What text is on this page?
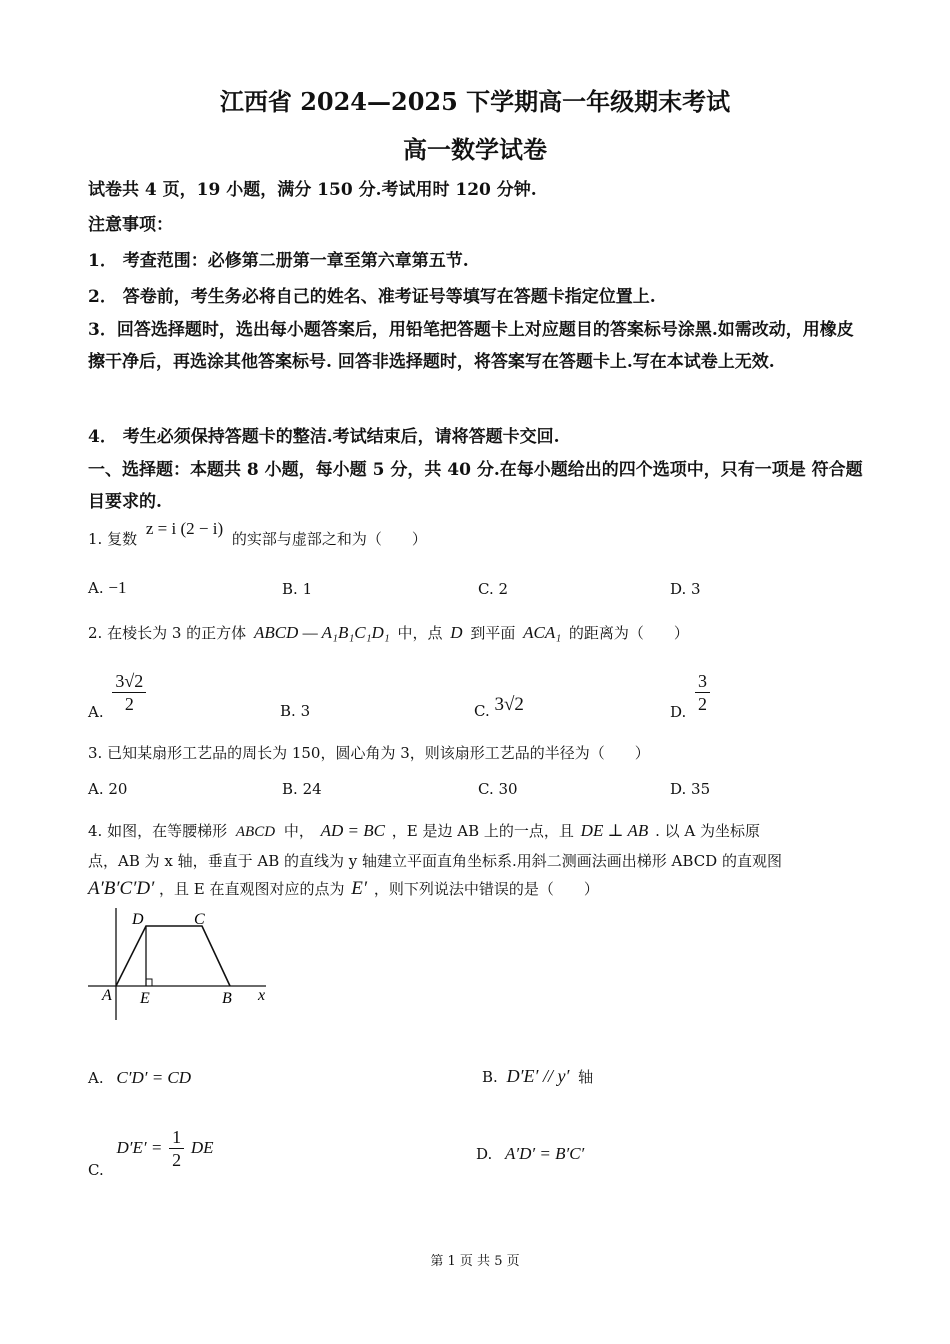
江西省 2024—2025 下学期高一年级期末考试
高一数学试卷
试卷共 4 页，19 小题，满分 150 分.考试用时 120 分钟.
注意事项：
1． 考查范围：必修第二册第一章至第六章第五节.
2． 答卷前，考生务必将自己的姓名、准考证号等填写在答题卡指定位置上.
3．回答选择题时，选出每小题答案后，用铅笔把答题卡上对应题目的答案标号涂黑.如需改动，用橡皮擦干净后，再选涂其他答案标号. 回答非选择题时，将答案写在答题卡上.写在本试卷上无效.
4． 考生必须保持答题卡的整洁.考试结束后，请将答题卡交回.
一、选择题：本题共 8 小题，每小题 5 分，共 40 分.在每小题给出的四个选项中，只有一项是 符合题目要求的.
1. 复数 z = i (2 − i) 的实部与虚部之和为（　　）
A. −1	B. 1	C. 2	D. 3
2. 在棱长为 3 的正方体 ABCD — A₁B₁C₁D₁ 中，点 D 到平面 ACA₁ 的距离为（　　）
A. $\frac{3√2}{2}$	B. 3	C. 3√2	D. $\frac{3}{2}$
3. 已知某扇形工艺品的周长为 150，圆心角为 3，则该扇形工艺品的半径为（　　）
A. 20	B. 24	C. 30	D. 35
4. 如图，在等腰梯形 ABCD 中， AD = BC ，E 是边 AB 上的一点，且 DE ⊥ AB . 以 A 为坐标原
点，AB 为 x 轴，垂直于 AB 的直线为 y 轴建立平面直角坐标系.用斜二测画法画出梯形 ABCD 的直观图
A′B′C′D′ ，且 E 在直观图对应的点为 E′ ，则下列说法中错误的是（　　）
D	C
A E	B x
A. C′D′ = CD	B. D′E′ // y′ 轴
C. $D'E' = \frac{1}{2}$ DE	D. A′D′ = B′C′
第 1 页 共 5 页
